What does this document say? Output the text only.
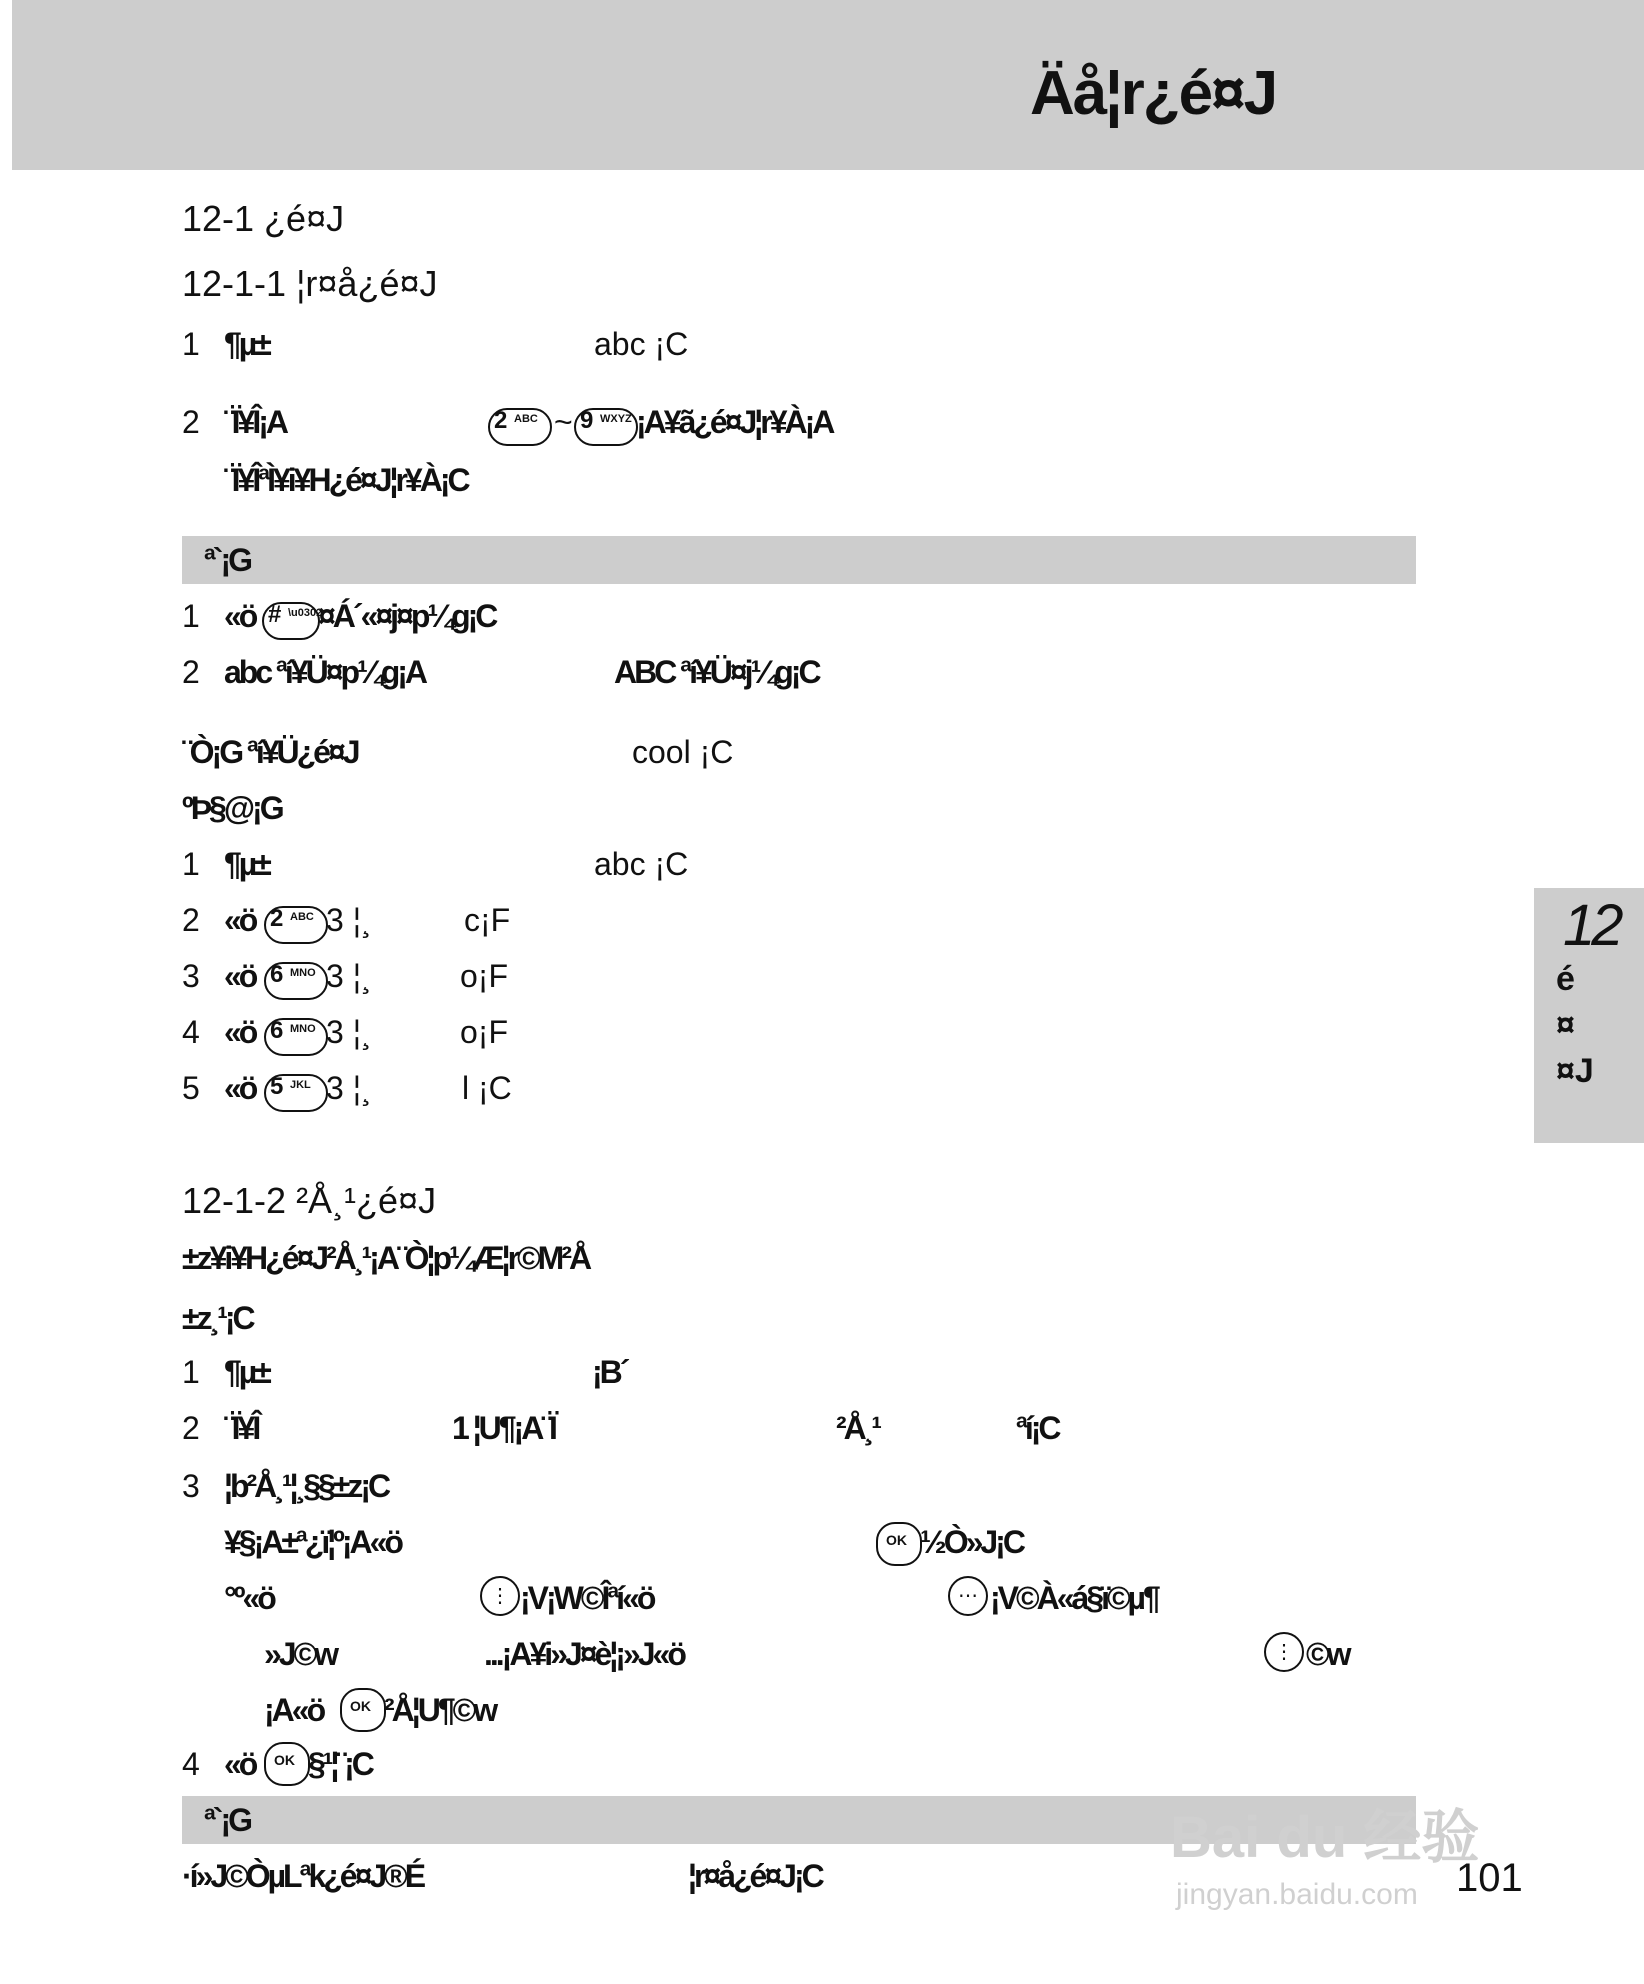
Äå¦r¿é¤J
12-1 ¿é¤J
12-1-1 ¦r¤å¿é¤J
1 ¶µ±	abc ¡C
2 ¨Ï¥Î¡A	2 ABC ~ 9 WXYZ ¡A¥ã¿é¤J¦r¥À¡A
¨Ï¥ÎªÌ¥i¥H¿é¤J¦r¥À¡C
ª`¡G
1 «ö # \u0302
¤Á´«¤j¤p¼g¡C
2 abc ªí¥Ü¤p¼g¡A	ABC ªí¥Ü¤j¼g¡C
¨Ò¡G ªí¥Ü¿é¤J	cool ¡C
ºÞ§@¡G
1 ¶µ±	abc ¡C
2 «ö 2 ABC 3 ¦¸	c¡F
3 «ö 6 MNO 3 ¦¸	o¡F
4 «ö 6 MNO 3 ¦¸	o¡F
5 «ö 5 JKL 3 ¦¸	l ¡C
12-1-2 ²Å¸¹¿é¤J
±z¥i¥H¿é¤J²Å¸¹¡A¨Ò¦p¼Æ¦r©M²Å
±z¸¹¡C
1 ¶µ±	¡B´
2 ¨Ï¥Î	1 ¦U¶¡A¨Ï	²Å¸¹	ªí¡C
3 ¦b²Å¸¹¦¸§§±z¡C
¥§¡A±ª¿ï¦º¡A«ö	OK ½Ò»J¡C
°º«ö	⋮ ¡V¡W©Îªí«ö	⋯ ¡V©À«á§ï©µ¶
»J©w	...¡A¥i»J¤è¦¡»J«ö	⋮ ©w
¡A«ö OK ²Å¦U¶©w
4 «ö OK §¹¦¨¡C
ª`¡G
·í»J©ÒµLªk¿é¤J®É	¦r¤å¿é¤J¡C
12
é
¤
¤J
101
Bai du 经验
jingyan.baidu.com
